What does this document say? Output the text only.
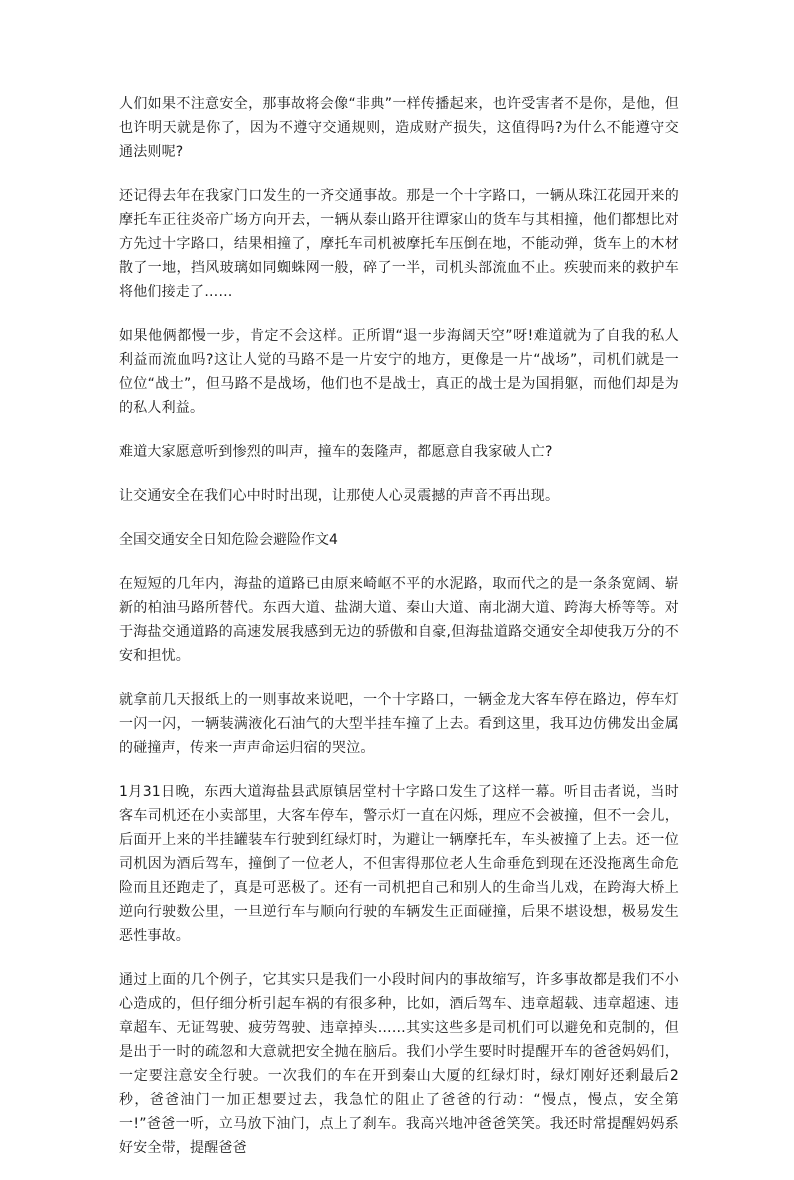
人们如果不注意安全，那事故将会像“非典”一样传播起来，也许受害者不是你，是他，但也许明天就是你了，因为不遵守交通规则，造成财产损失，这值得吗?为什么不能遵守交通法则呢?

还记得去年在我家门口发生的一齐交通事故。那是一个十字路口，一辆从珠江花园开来的摩托车正往炎帝广场方向开去，一辆从泰山路开往谭家山的货车与其相撞，他们都想比对方先过十字路口，结果相撞了，摩托车司机被摩托车压倒在地，不能动弹，货车上的木材散了一地，挡风玻璃如同蜘蛛网一般，碎了一半，司机头部流血不止。疾驶而来的救护车将他们接走了……

如果他俩都慢一步，肯定不会这样。正所谓“退一步海阔天空”呀!难道就为了自我的私人利益而流血吗?这让人觉的马路不是一片安宁的地方，更像是一片“战场”，司机们就是一位位“战士”，但马路不是战场，他们也不是战士，真正的战士是为国捐躯，而他们却是为的私人利益。

难道大家愿意听到惨烈的叫声，撞车的轰隆声，都愿意自我家破人亡?

让交通安全在我们心中时时出现，让那使人心灵震撼的声音不再出现。

全国交通安全日知危险会避险作文4

在短短的几年内，海盐的道路已由原来崎岖不平的水泥路，取而代之的是一条条宽阔、崭新的柏油马路所替代。东西大道、盐湖大道、秦山大道、南北湖大道、跨海大桥等等。对于海盐交通道路的高速发展我感到无边的骄傲和自豪,但海盐道路交通安全却使我万分的不安和担忧。

就拿前几天报纸上的一则事故来说吧，一个十字路口，一辆金龙大客车停在路边，停车灯一闪一闪，一辆装满液化石油气的大型半挂车撞了上去。看到这里，我耳边仿佛发出金属的碰撞声，传来一声声命运归宿的哭泣。

1月31日晚，东西大道海盐县武原镇居堂村十字路口发生了这样一幕。听目击者说，当时客车司机还在小卖部里，大客车停车，警示灯一直在闪烁，理应不会被撞，但不一会儿，后面开上来的半挂罐装车行驶到红绿灯时，为避让一辆摩托车，车头被撞了上去。还一位司机因为酒后驾车，撞倒了一位老人，不但害得那位老人生命垂危到现在还没拖离生命危险而且还跑走了，真是可恶极了。还有一司机把自己和别人的生命当儿戏，在跨海大桥上逆向行驶数公里，一旦逆行车与顺向行驶的车辆发生正面碰撞，后果不堪设想，极易发生恶性事故。

通过上面的几个例子，它其实只是我们一小段时间内的事故缩写，许多事故都是我们不小心造成的，但仔细分析引起车祸的有很多种，比如，酒后驾车、违章超载、违章超速、违章超车、无证驾驶、疲劳驾驶、违章掉头……其实这些多是司机们可以避免和克制的，但是出于一时的疏忽和大意就把安全抛在脑后。我们小学生要时时提醒开车的爸爸妈妈们，一定要注意安全行驶。一次我们的车在开到秦山大厦的红绿灯时，绿灯刚好还剩最后2秒，爸爸油门一加正想要过去，我急忙的阻止了爸爸的行动：“慢点，慢点，安全第一!”爸爸一听，立马放下油门，点上了刹车。我高兴地冲爸爸笑笑。我还时常提醒妈妈系好安全带，提醒爸爸
